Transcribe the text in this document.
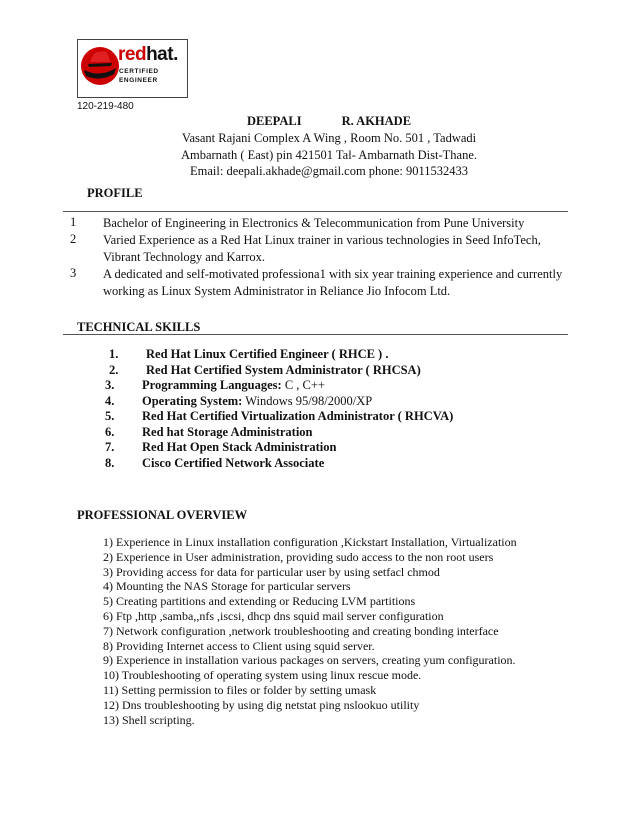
redhat.
CERTIFIED
ENGINEER
120-219-480
DEEPALI	R. AKHADE
Vasant Rajani Complex A Wing , Room No. 501 , Tadwadi
Ambarnath ( East) pin 421501 Tal- Ambarnath Dist-Thane.
Email: deepali.akhade@gmail.com phone: 9011532433
PROFILE
1	Bachelor of Engineering in Electronics & Telecommunication from Pune University
2	Varied Experience as a Red Hat Linux trainer in various technologies in Seed InfoTech,
Vibrant Technology and Karrox.
3	A dedicated and self-motivated professiona1 with six year training experience and currently
working as Linux System Administrator in Reliance Jio Infocom Ltd.
TECHNICAL SKILLS
1.	Red Hat Linux Certified Engineer ( RHCE ) .
2.	Red Hat Certified System Administrator ( RHCSA)
3.	Programming Languages: C , C++
4.	Operating System: Windows 95/98/2000/XP
5.	Red Hat Certified Virtualization Administrator ( RHCVA)
6.	Red hat Storage Administration
7.	Red Hat Open Stack Administration
8.	Cisco Certified Network Associate
PROFESSIONAL OVERVIEW
1) Experience in Linux installation configuration ,Kickstart Installation, Virtualization
2) Experience in User administration, providing sudo access to the non root users
3) Providing access for data for particular user by using setfacl chmod
4) Mounting the NAS Storage for particular servers
5) Creating partitions and extending or Reducing LVM partitions
6) Ftp ,http ,samba,,nfs ,iscsi, dhcp dns squid mail server configuration
7) Network configuration ,network troubleshooting and creating bonding interface
8) Providing Internet access to Client using squid server.
9) Experience in installation various packages on servers, creating yum configuration.
10) Troubleshooting of operating system using linux rescue mode.
11) Setting permission to files or folder by setting umask
12) Dns troubleshooting by using dig netstat ping nslookuo utility
13) Shell scripting.
